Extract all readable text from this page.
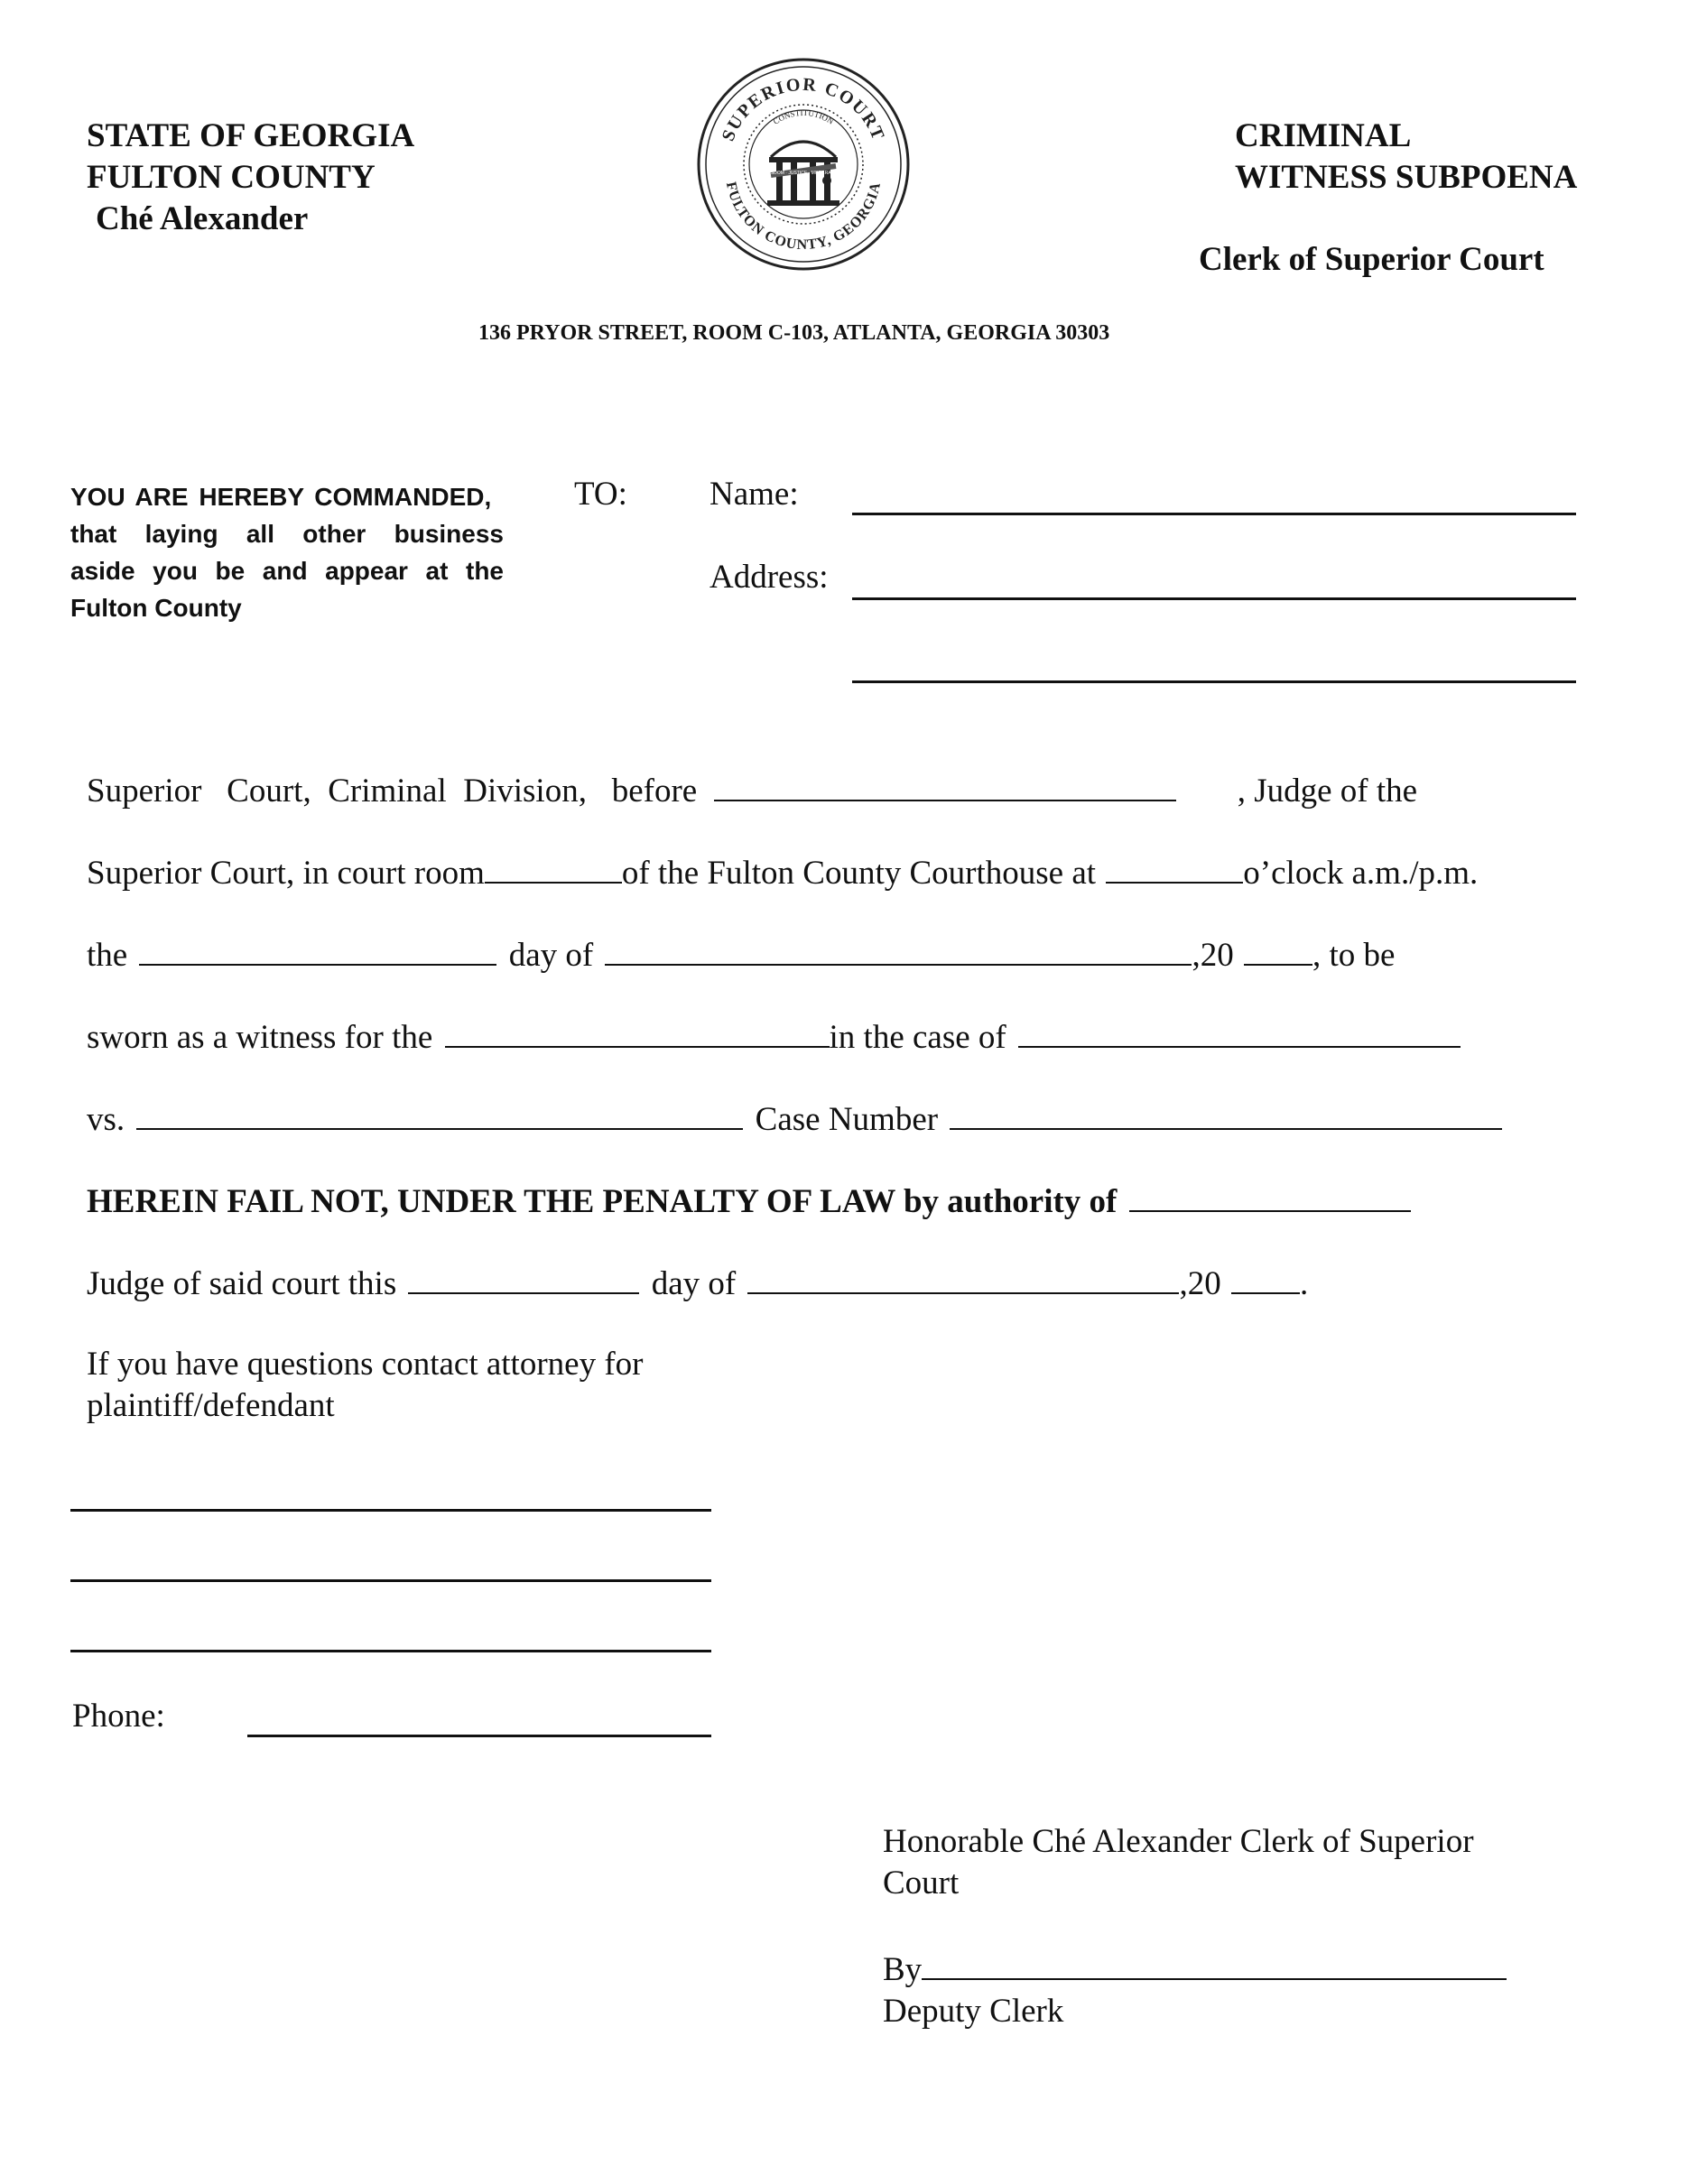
STATE OF GEORGIA
FULTON COUNTY
Ché Alexander
SUPERIOR COURT
FULTON COUNTY, GEORGIA
CONSTITUTION
WISDOM · JUSTICE · MODERATION
CRIMINAL
WITNESS SUBPOENA
Clerk of Superior Court
136 PRYOR STREET, ROOM C-103, ATLANTA, GEORGIA 30303
YOU ARE HEREBY COMMANDED,
that laying all other business
aside you be and appear at the
Fulton County
TO: Name:
Address:
Superior   Court,  Criminal  Division,   before	, Judge of the
Superior Court, in court room	of the Fulton County Courthouse at	o’clock a.m./p.m.
the	day of	,20 , to be
sworn as a witness for the	in the case of
vs.	Case Number
HEREIN FAIL NOT, UNDER THE PENALTY OF LAW by authority of
Judge of said court this	day of	,20 .
If you have questions contact attorney for
plaintiff/defendant
Phone:
Honorable Ché Alexander Clerk of Superior
Court
By
Deputy Clerk
